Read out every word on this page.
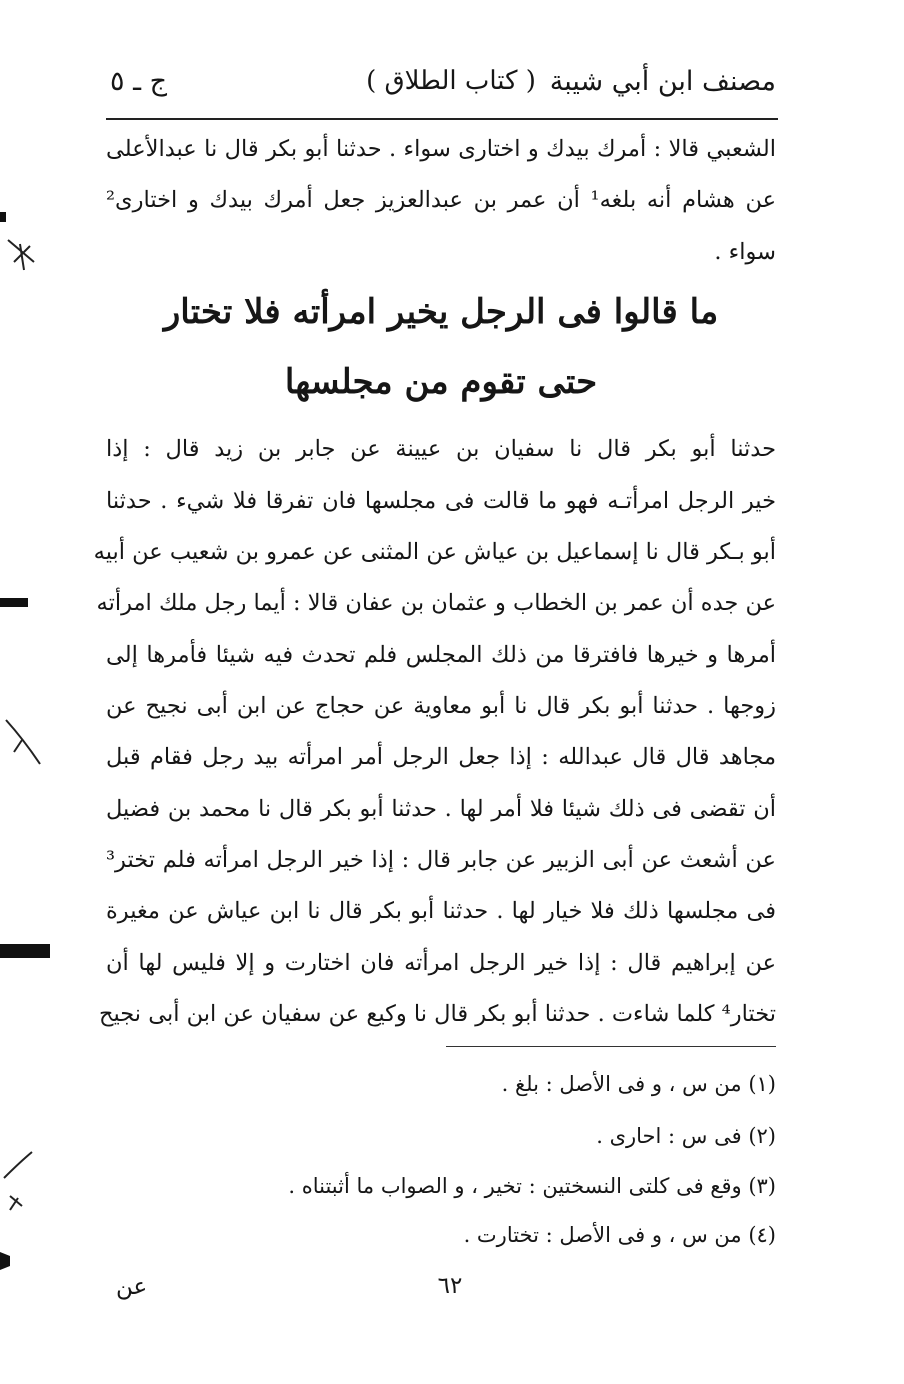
مصنف ابن أبي شيبة
( كتاب الطلاق )
ج ـ ٥
الشعبي قالا : أمرك بيدك و اختارى سواء . حدثنا أبو بكر قال نا عبدالأعلى
عن هشام أنه بلغه¹ أن عمر بن عبدالعزيز جعل أمرك بيدك و اختارى²
سواء .
ما قالوا فى الرجل يخير امرأته فلا تختار
حتى تقوم من مجلسها
حدثنا أبو بكر قال نا سفيان بن عيينة عن جابر بن زيد قال : إذا
خير الرجل امرأتـه فهو ما قالت فى مجلسها فان تفرقا فلا شيء . حدثنا
أبو بـكر قال نا إسماعيل بن عياش عن المثنى عن عمرو بن شعيب عن أبيه
عن جده أن عمر بن الخطاب و عثمان بن عفان قالا : أيما رجل ملك امرأته
أمرها و خيرها فافترقا من ذلك المجلس فلم تحدث فيه شيئا فأمرها إلى
زوجها . حدثنا أبو بكر قال نا أبو معاوية عن حجاج عن ابن أبى نجيح عن
مجاهد قال قال عبدالله : إذا جعل الرجل أمر امرأته بيد رجل فقام قبل
أن تقضى فى ذلك شيئا فلا أمر لها . حدثنا أبو بكر قال نا محمد بن فضيل
عن أشعث عن أبى الزبير عن جابر قال : إذا خير الرجل امرأته فلم تختر³
فى مجلسها ذلك فلا خيار لها . حدثنا أبو بكر قال نا ابن عياش عن مغيرة
عن إبراهيم قال : إذا خير الرجل امرأته فان اختارت و إلا فليس لها أن
تختار⁴ كلما شاءت . حدثنا أبو بكر قال نا وكيع عن سفيان عن ابن أبى نجيح
(١) من س ، و فى الأصل : بلغ .
(٢) فى س : احارى .
(٣) وقع فى كلتى النسختين : تخير ، و الصواب ما أثبتناه .
(٤) من س ، و فى الأصل : تختارت .
٦٢
عن
